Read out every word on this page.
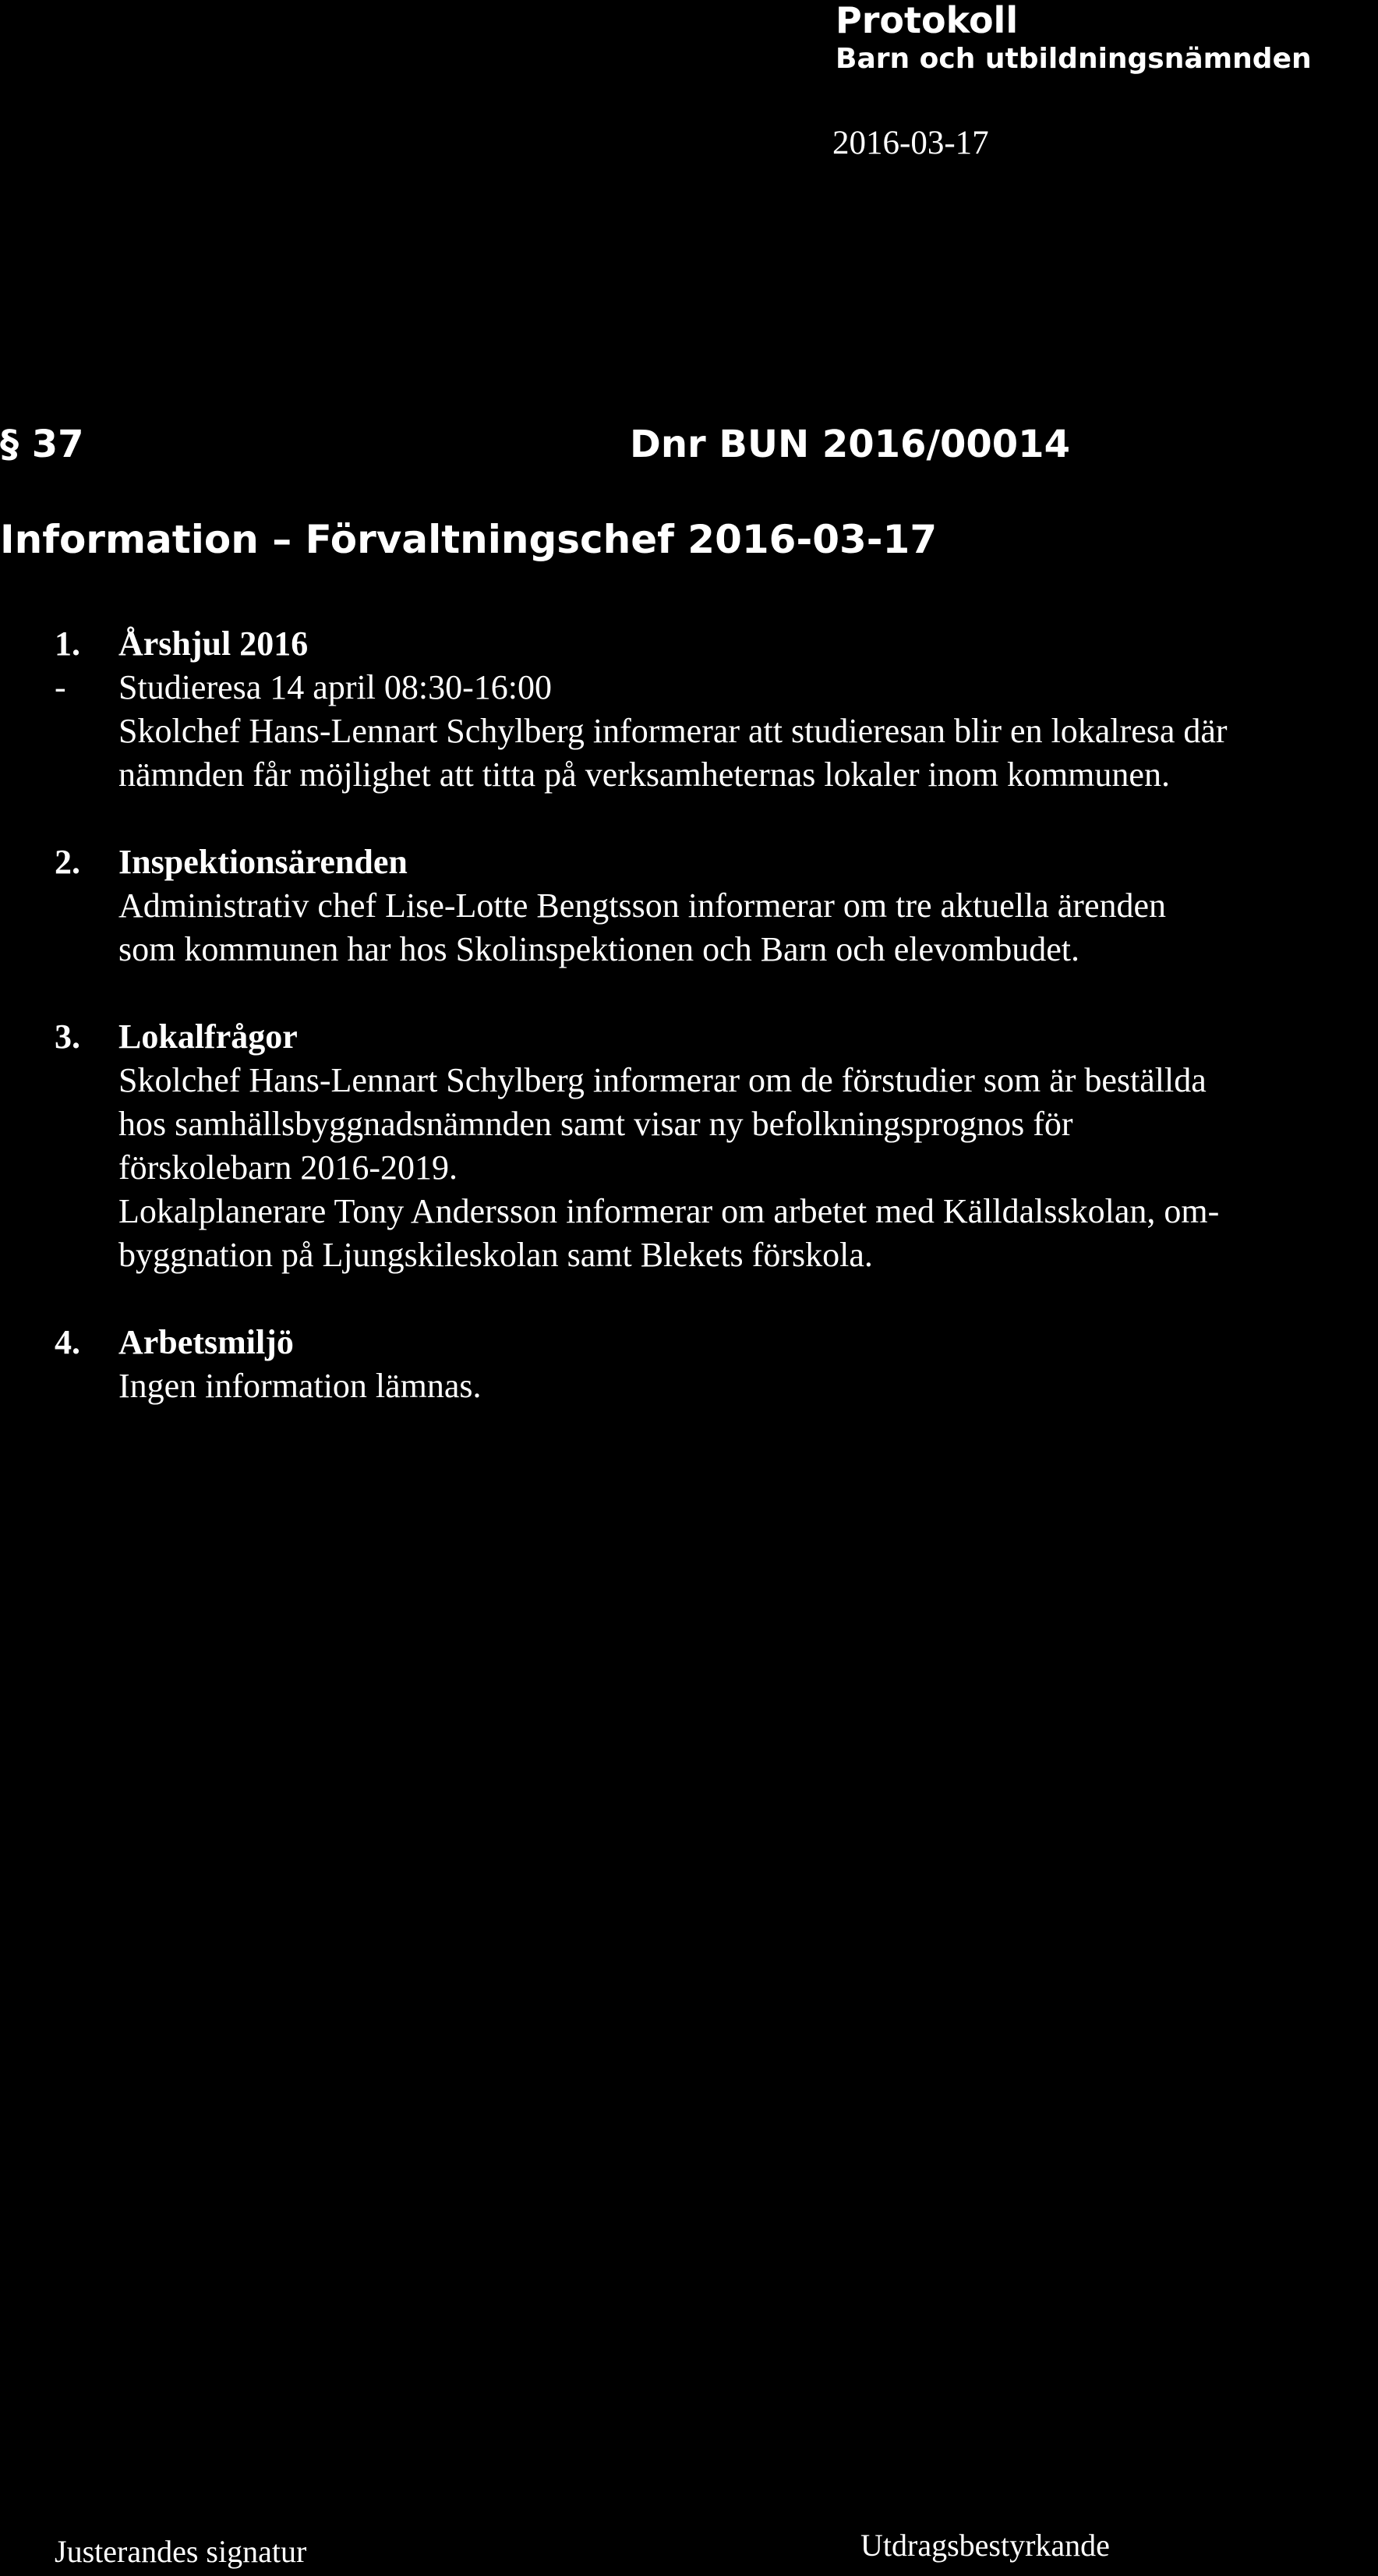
Protokoll
Barn och utbildningsnämnden
2016-03-17
§ 37	Dnr BUN 2016/00014
Information – Förvaltningschef 2016-03-17
1. Årshjul 2016
- Studieresa 14 april 08:30-16:00
Skolchef Hans-Lennart Schylberg informerar att studieresan blir en lokalresa där
nämnden får möjlighet att titta på verksamheternas lokaler inom kommunen.
2. Inspektionsärenden
Administrativ chef Lise-Lotte Bengtsson informerar om tre aktuella ärenden
som kommunen har hos Skolinspektionen och Barn och elevombudet.
3. Lokalfrågor
Skolchef Hans-Lennart Schylberg informerar om de förstudier som är beställda
hos samhällsbyggnadsnämnden samt visar ny befolkningsprognos för
förskolebarn 2016-2019.
Lokalplanerare Tony Andersson informerar om arbetet med Källdalsskolan, om-
byggnation på Ljungskileskolan samt Blekets förskola.
4. Arbetsmiljö
Ingen information lämnas.
Justerandes signatur	Utdragsbestyrkande
